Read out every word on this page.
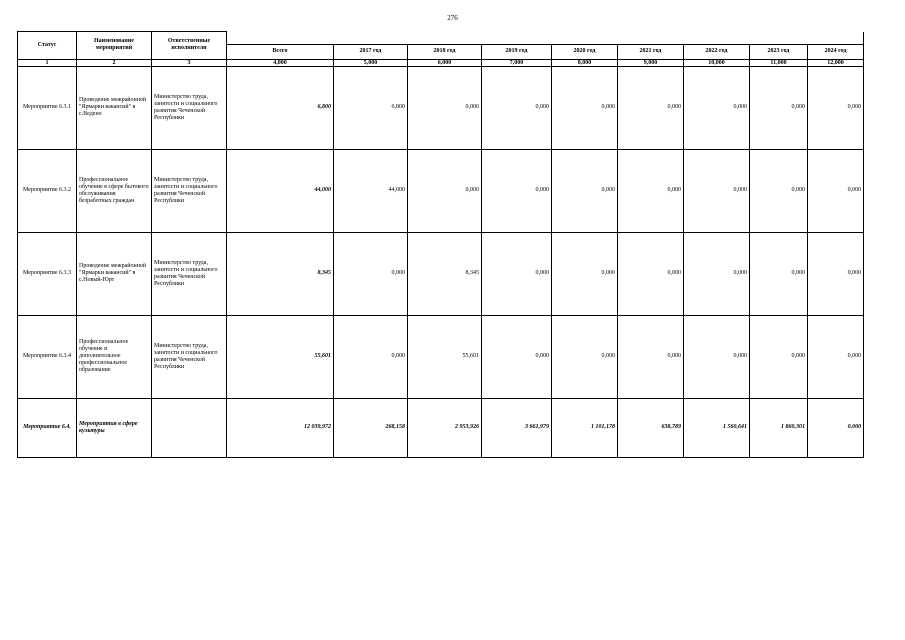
276
Статус	Наименование мероприятий	Ответственные исполнители									
			Всего	2017 год	2018 год	2019 год	2020 год	2021 год	2022 год	2023 год	2024 год
1	2	3	4,000	5,000	6,000	7,000	8,000	9,000	10,000	11,000	12,000
Мероприятие 6.3.1	Проведение межрайонной "Ярмарки вакансий" в с.Ведено	Министерство труда, занятости и социального развития Чеченской Республики	6,800	6,800	0,000	0,000	0,000	0,000	0,000	0,000	0,000
Мероприятие 6.3.2	Профессиональное обучение в сфере бытового обслуживания безработных граждан	Министерство труда, занятости и социального развития Чеченской Республики	44,000	44,000	0,000	0,000	0,000	0,000	0,000	0,000	0,000
Мероприятие 6.3.3	Проведение межрайонной "Ярмарки вакансий" в с.Новый-Юрт	Министерство труда, занятости и социального развития Чеченской Республики	8,345	0,000	8,345	0,000	0,000	0,000	0,000	0,000	0,000
Мероприятие 6.3.4	Профессиональное обучение и дополнительное профессиональное образование	Министерство труда, занятости и социального развития Чеченской Республики	55,601	0,000	55,601	0,000	0,000	0,000	0,000	0,000	0,000
Мероприятие 6.4.	Мероприятия в сфере культуры		12 039,972	268,158	2 953,926	3 661,979	1 101,178	638,789	1 560,641	1 860,301	0,000
